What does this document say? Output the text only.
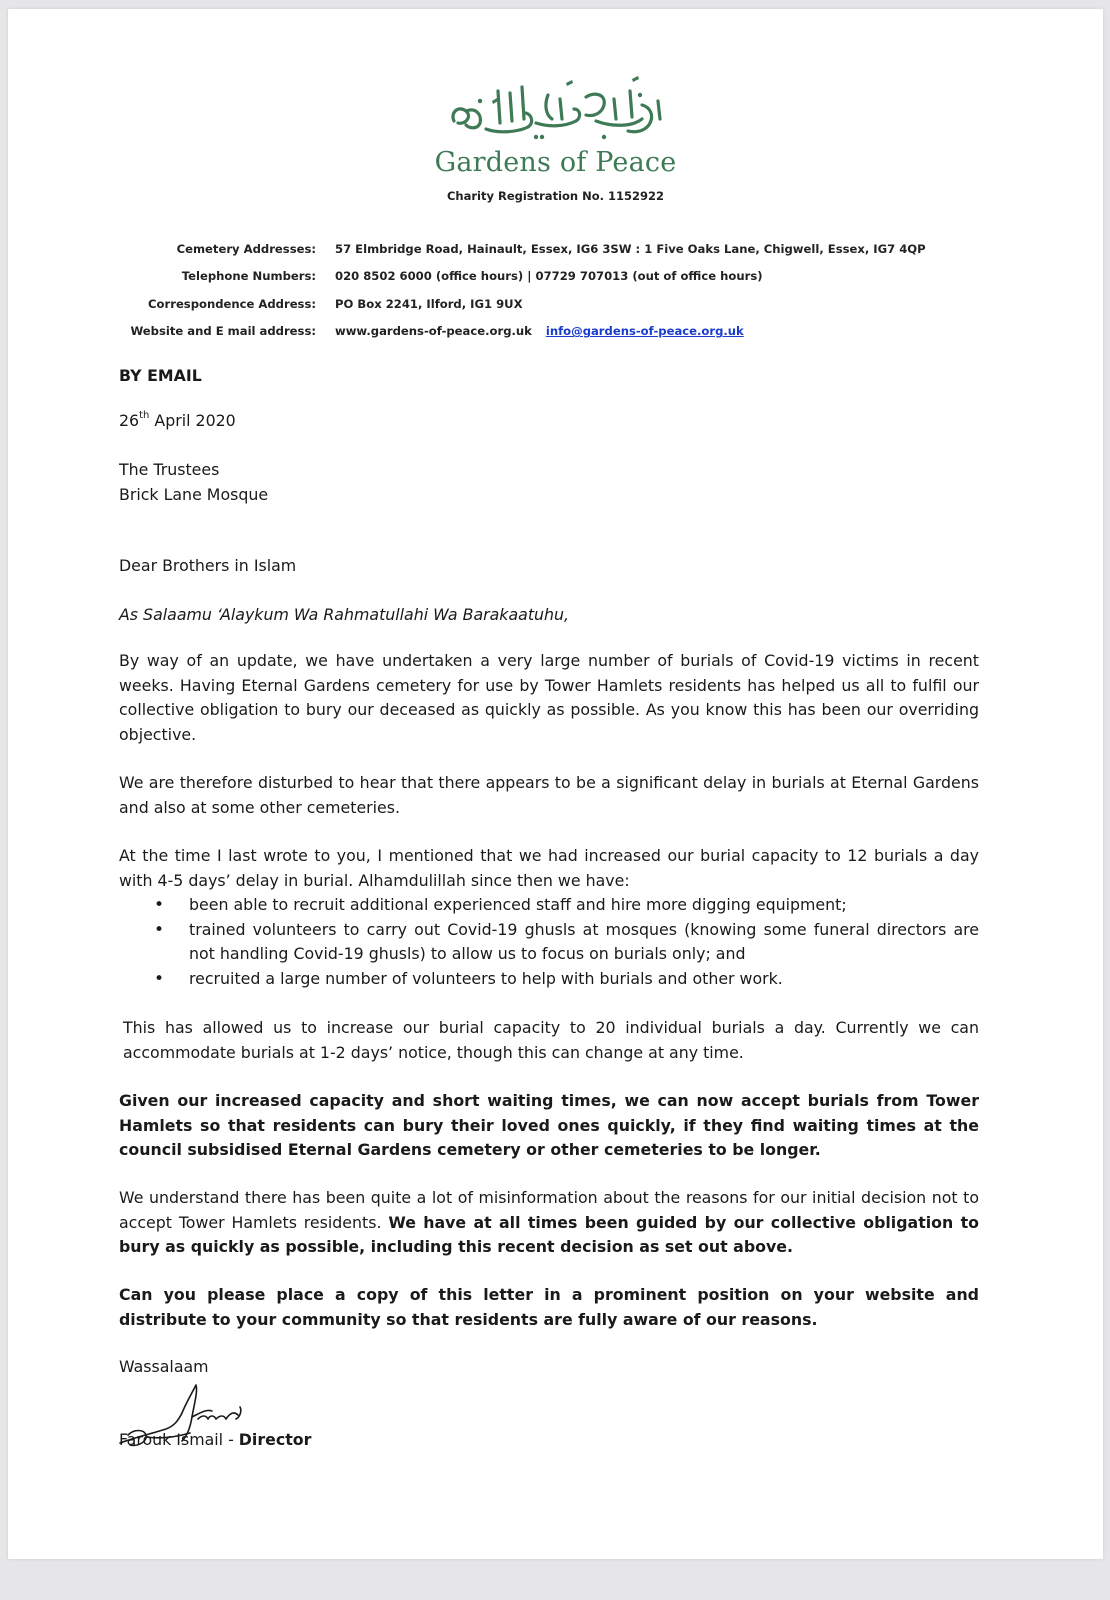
Gardens of Peace
Charity Registration No. 1152922
Cemetery Addresses:	57 Elmbridge Road, Hainault, Essex, IG6 3SW : 1 Five Oaks Lane, Chigwell, Essex, IG7 4QP
Telephone Numbers:	020 8502 6000 (office hours) | 07729 707013 (out of office hours)
Correspondence Address:	PO Box 2241, Ilford, IG1 9UX
Website and E mail address:	www.gardens-of-peace.org.uk info@gardens-of-peace.org.uk
BY EMAIL
26th April 2020

The Trustees

Brick Lane Mosque

Dear Brothers in Islam
As Salaamu ‘Alaykum Wa Rahmatullahi Wa Barakaatuhu,
By way of an update, we have undertaken a very large number of burials of Covid-19 victims in recent weeks. Having Eternal Gardens cemetery for use by Tower Hamlets residents has helped us all to fulfil our collective obligation to bury our deceased as quickly as possible. As you know this has been our overriding objective.
We are therefore disturbed to hear that there appears to be a significant delay in burials at Eternal Gardens and also at some other cemeteries.

At the time I last wrote to you, I mentioned that we had increased our burial capacity to 12 burials a day with 4-5 days’ delay in burial. Alhamdulillah since then we have:

• been able to recruit additional experienced staff and hire more digging equipment;
• trained volunteers to carry out Covid-19 ghusls at mosques (knowing some funeral directors are not handling Covid-19 ghusls) to allow us to focus on burials only; and
• recruited a large number of volunteers to help with burials and other work.
This has allowed us to increase our burial capacity to 20 individual burials a day. Currently we can accommodate burials at 1-2 days’ notice, though this can change at any time.
Given our increased capacity and short waiting times, we can now accept burials from Tower Hamlets so that residents can bury their loved ones quickly, if they find waiting times at the council subsidised Eternal Gardens cemetery or other cemeteries to be longer.
We understand there has been quite a lot of misinformation about the reasons for our initial decision not to accept Tower Hamlets residents. We have at all times been guided by our collective obligation to bury as quickly as possible, including this recent decision as set out above.
Can you please place a copy of this letter in a prominent position on your website and distribute to your community so that residents are fully aware of our reasons.
Wassalaam
Farouk Ismail - Director
